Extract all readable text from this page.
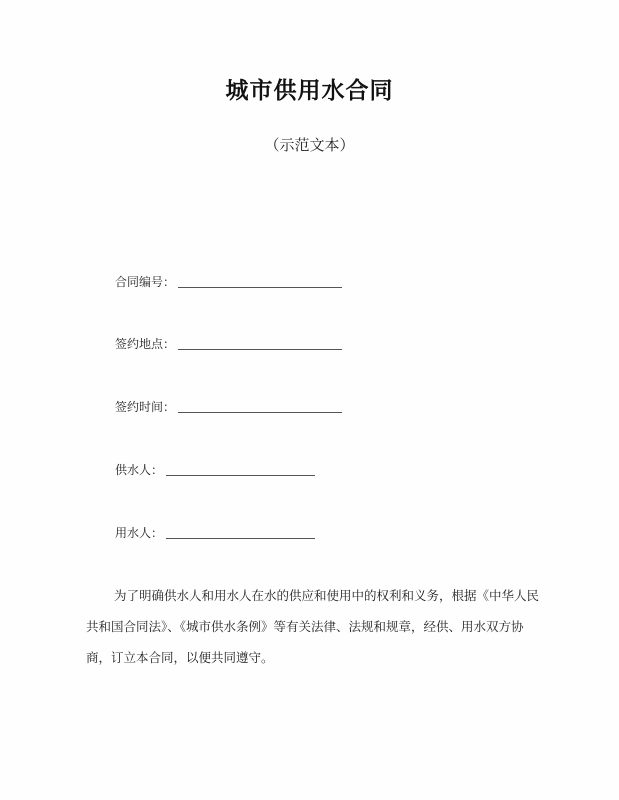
城市供用水合同
（示范文本）
合同编号：
签约地点：
签约时间：
供水人：
用水人：

为了明确供水人和用水人在水的供应和使用中的权利和义务，根据《中华人民

共和国合同法》、《城市供水条例》等有关法律、法规和规章，经供、用水双方协

商，订立本合同，以便共同遵守。
